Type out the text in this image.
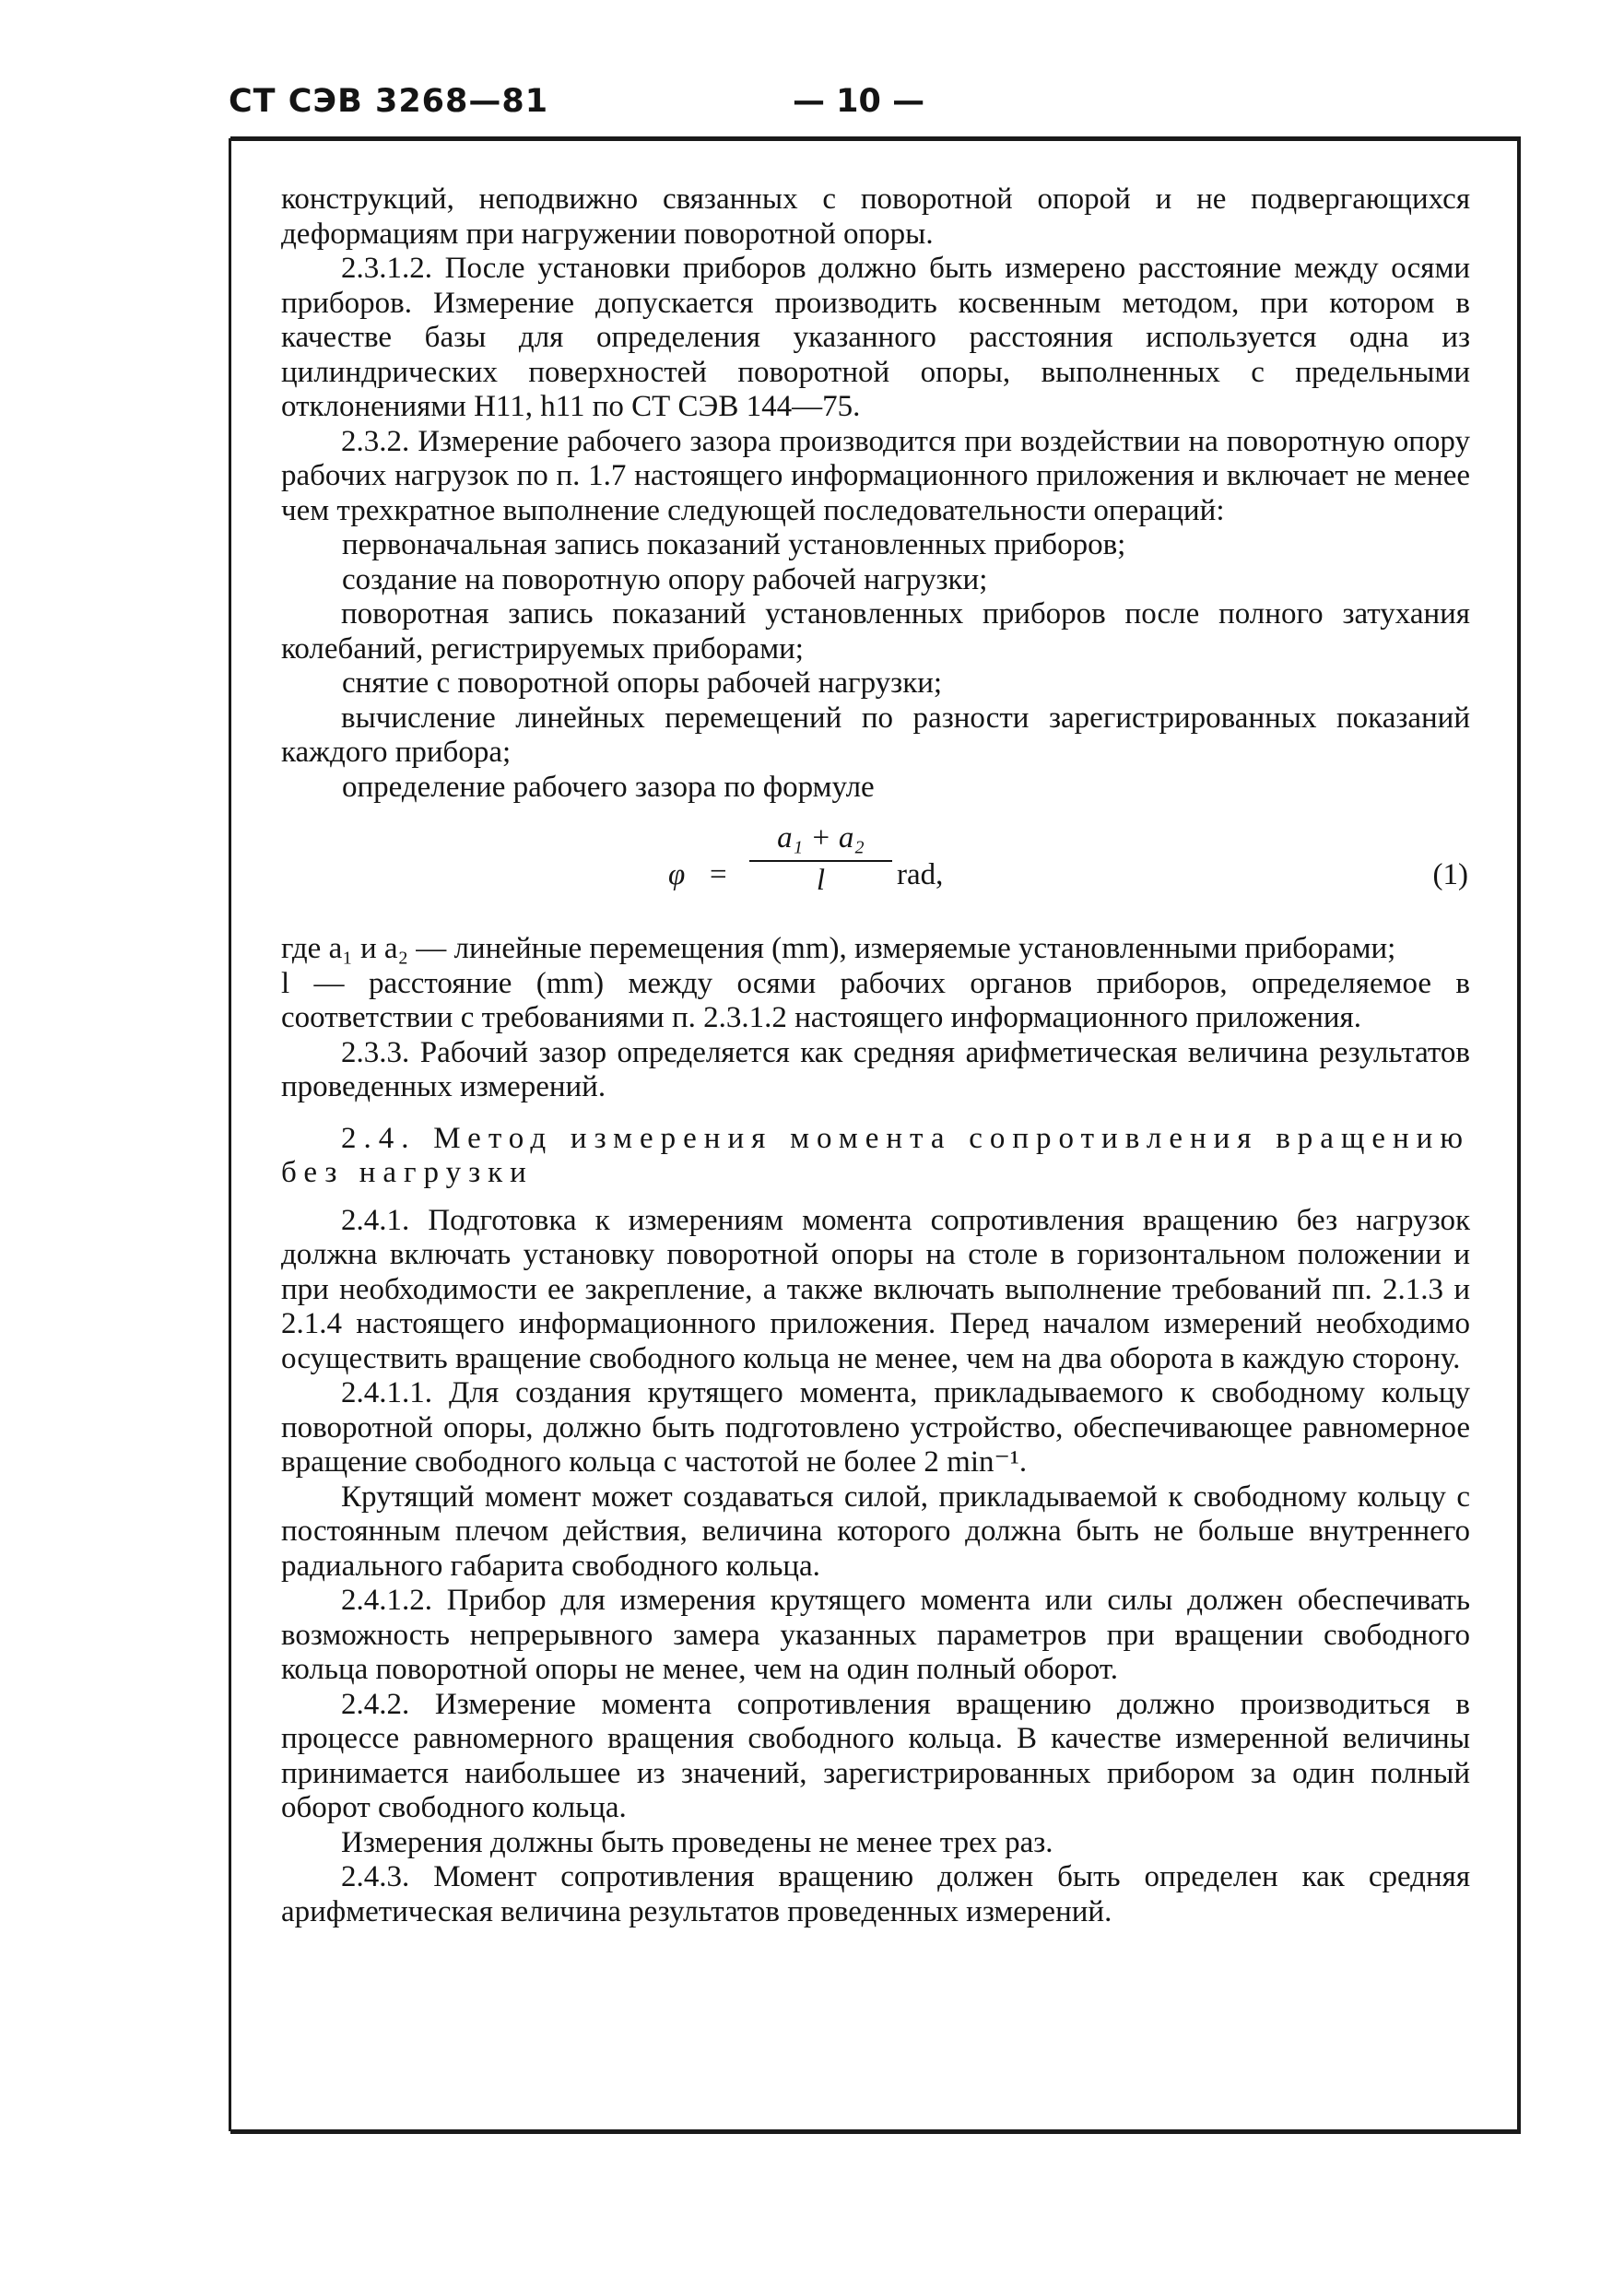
СТ СЭВ 3268—81	— 10 —

конструкций, неподвижно связанных с поворотной опорой и не подвергающихся деформациям при нагружении поворотной опоры.

2.3.1.2. После установки приборов должно быть измерено расстояние между осями приборов. Измерение допускается производить косвенным методом, при котором в качестве базы для определения указанного расстояния используется одна из цилиндрических поверхностей поворотной опоры, выполненных с предельными отклонениями Н11, h11 по СТ СЭВ 144—75.

2.3.2. Измерение рабочего зазора производится при воздействии на поворотную опору рабочих нагрузок по п. 1.7 настоящего информационного приложения и включает не менее чем трехкратное выполнение следующей последовательности операций:

первоначальная запись показаний установленных приборов;

создание на поворотную опору рабочей нагрузки;

поворотная запись показаний установленных приборов после полного затухания колебаний, регистрируемых приборами;

снятие с поворотной опоры рабочей нагрузки;

вычисление линейных перемещений по разности зарегистрированных показаний каждого прибора;

определение рабочего зазора по формуле

$\varphi = \frac{\text{a₁ + a₂}}{l}$ rad,	(1)

где a₁ и a₂ — линейные перемещения (mm), измеряемые установленными приборами;

l — расстояние (mm) между осями рабочих органов приборов, определяемое в соответствии с требованиями п. 2.3.1.2 настоящего информационного приложения.

2.3.3. Рабочий зазор определяется как средняя арифметическая величина результатов проведенных измерений.

2.4. Метод измерения момента сопротивления вращению без нагрузки

2.4.1. Подготовка к измерениям момента сопротивления вращению без нагрузок должна включать установку поворотной опоры на столе в горизонтальном положении и при необходимости ее закрепление, а также включать выполнение требований пп. 2.1.3 и 2.1.4 настоящего информационного приложения. Перед началом измерений необходимо осуществить вращение свободного кольца не менее, чем на два оборота в каждую сторону.

2.4.1.1. Для создания крутящего момента, прикладываемого к свободному кольцу поворотной опоры, должно быть подготовлено устройство, обеспечивающее равномерное вращение свободного кольца с частотой не более 2 min⁻¹.

Крутящий момент может создаваться силой, прикладываемой к свободному кольцу с постоянным плечом действия, величина которого должна быть не больше внутреннего радиального габарита свободного кольца.

2.4.1.2. Прибор для измерения крутящего момента или силы должен обеспечивать возможность непрерывного замера указанных параметров при вращении свободного кольца поворотной опоры не менее, чем на один полный оборот.

2.4.2. Измерение момента сопротивления вращению должно производиться в процессе равномерного вращения свободного кольца. В качестве измеренной величины принимается наибольшее из значений, зарегистрированных прибором за один полный оборот свободного кольца.

Измерения должны быть проведены не менее трех раз.

2.4.3. Момент сопротивления вращению должен быть определен как средняя арифметическая величина результатов проведенных измерений.
